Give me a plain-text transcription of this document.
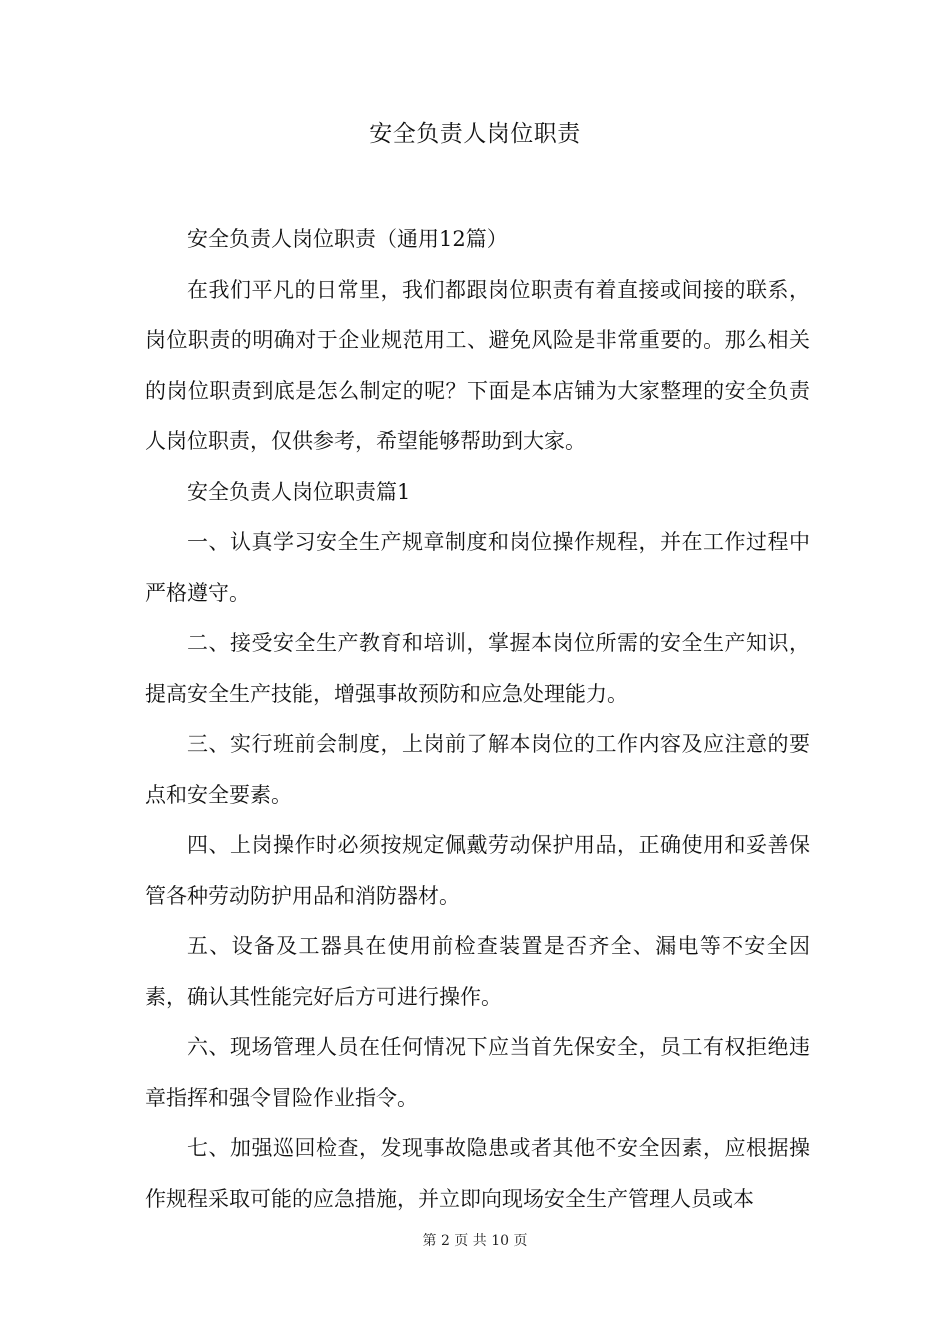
安全负责人岗位职责

安全负责人岗位职责（通用12篇）

在我们平凡的日常里，我们都跟岗位职责有着直接或间接的联系，岗位职责的明确对于企业规范用工、避免风险是非常重要的。那么相关的岗位职责到底是怎么制定的呢？下面是本店铺为大家整理的安全负责人岗位职责，仅供参考，希望能够帮助到大家。

安全负责人岗位职责篇1

一、认真学习安全生产规章制度和岗位操作规程，并在工作过程中严格遵守。

二、接受安全生产教育和培训，掌握本岗位所需的安全生产知识，提高安全生产技能，增强事故预防和应急处理能力。

三、实行班前会制度，上岗前了解本岗位的工作内容及应注意的要点和安全要素。

四、上岗操作时必须按规定佩戴劳动保护用品，正确使用和妥善保管各种劳动防护用品和消防器材。

五、设备及工器具在使用前检查装置是否齐全、漏电等不安全因素，确认其性能完好后方可进行操作。

六、现场管理人员在任何情况下应当首先保安全，员工有权拒绝违章指挥和强令冒险作业指令。

七、加强巡回检查，发现事故隐患或者其他不安全因素，应根据操作规程采取可能的应急措施，并立即向现场安全生产管理人员或本

第 2 页 共 10 页
